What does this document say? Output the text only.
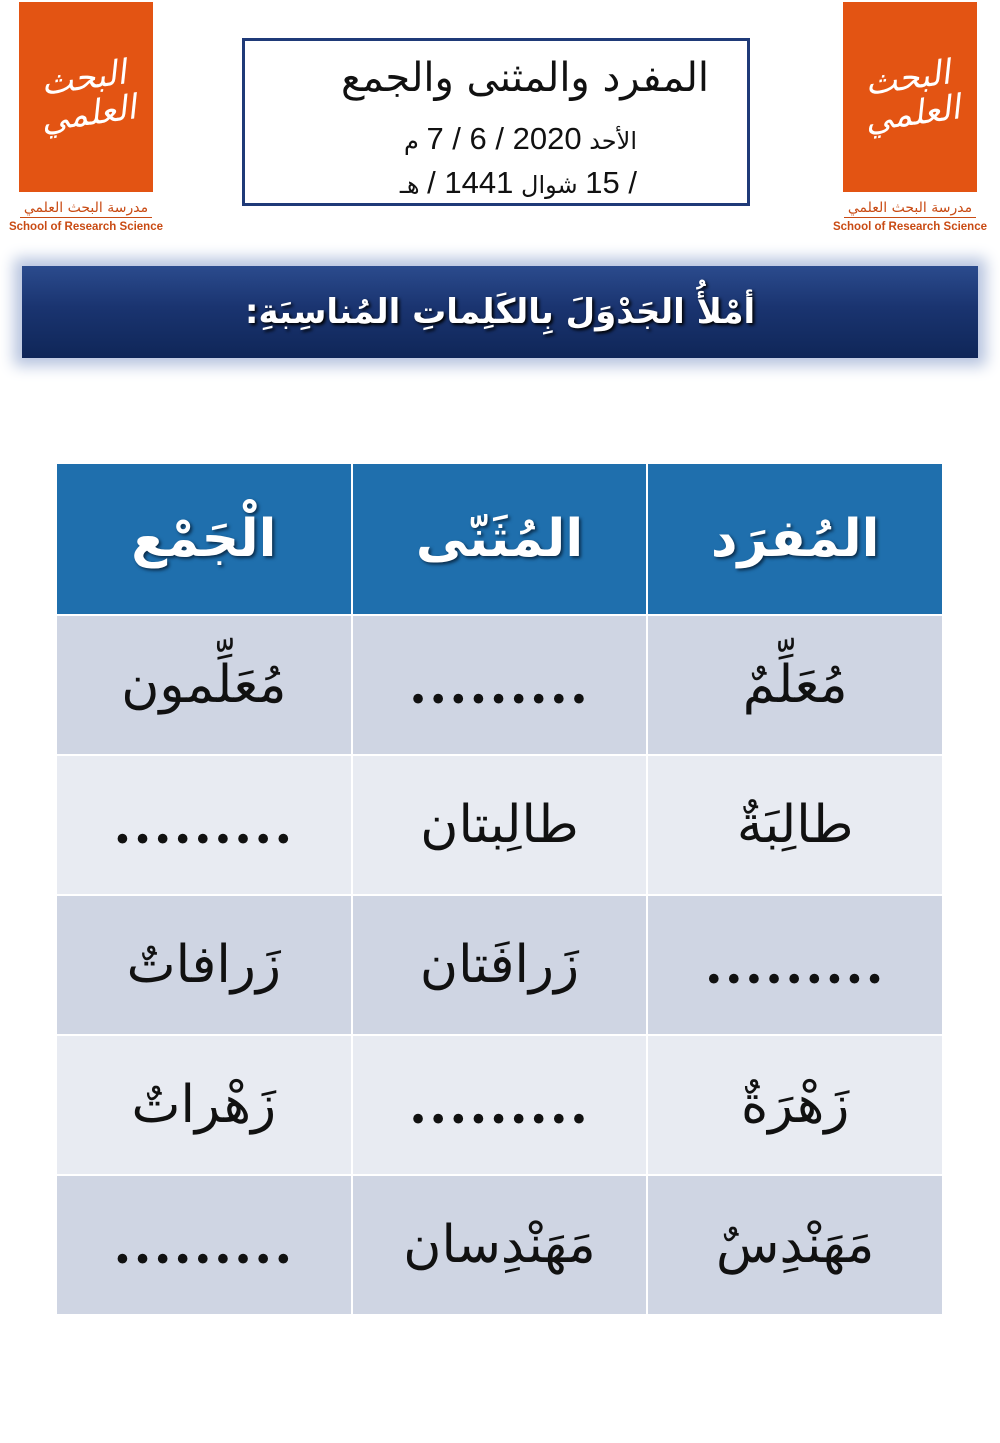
البحث العلمي
مدرسة البحث العلمي
School of Research Science
البحث العلمي
مدرسة البحث العلمي
School of Research Science
المفرد والمثنى والجمع
الأحد 7 / 6 / 2020 م
15 / شوال / 1441 هـ
أمْلأُ الجَدْوَلَ بِالكَلِماتِ المُناسِبَةِ:
المُفرَد	المُثَنّى	الْجَمْع
مُعَلِّمٌ	.........	مُعَلِّمون
طالِبَةٌ	طالِبتان	.........
.........	زَرافَتان	زَرافاتٌ
زَهْرَةٌ	.........	زَهْراتٌ
مَهَنْدِسٌ	مَهَنْدِسان	.........
